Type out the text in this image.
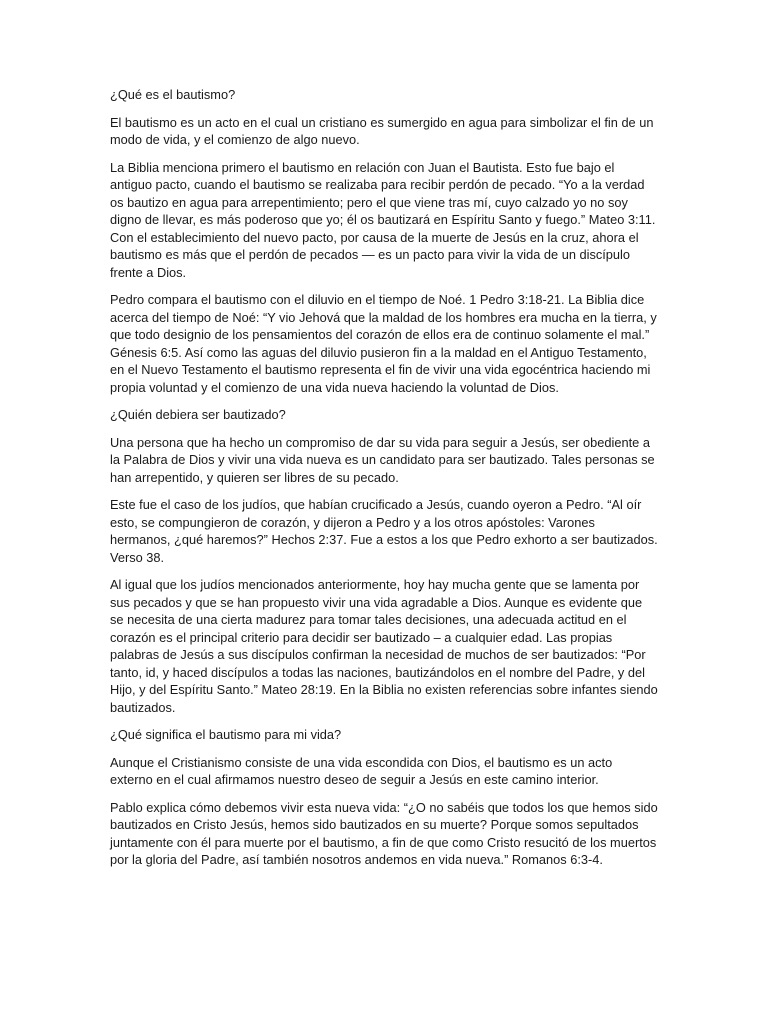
¿Qué es el bautismo?

El bautismo es un acto en el cual un cristiano es sumergido en agua para simbolizar el fin de un modo de vida, y el comienzo de algo nuevo.

La Biblia menciona primero el bautismo en relación con Juan el Bautista. Esto fue bajo el antiguo pacto, cuando el bautismo se realizaba para recibir perdón de pecado. “Yo a la verdad os bautizo en agua para arrepentimiento; pero el que viene tras mí, cuyo calzado yo no soy digno de llevar, es más poderoso que yo; él os bautizará en Espíritu Santo y fuego.” Mateo 3:11. Con el establecimiento del nuevo pacto, por causa de la muerte de Jesús en la cruz, ahora el bautismo es más que el perdón de pecados — es un pacto para vivir la vida de un discípulo frente a Dios.

Pedro compara el bautismo con el diluvio en el tiempo de Noé. 1 Pedro 3:18-21. La Biblia dice acerca del tiempo de Noé: “Y vio Jehová que la maldad de los hombres era mucha en la tierra, y que todo designio de los pensamientos del corazón de ellos era de continuo solamente el mal.” Génesis 6:5. Así como las aguas del diluvio pusieron fin a la maldad en el Antiguo Testamento, en el Nuevo Testamento el bautismo representa el fin de vivir una vida egocéntrica haciendo mi propia voluntad y el comienzo de una vida nueva haciendo la voluntad de Dios.

¿Quién debiera ser bautizado?

Una persona que ha hecho un compromiso de dar su vida para seguir a Jesús, ser obediente a la Palabra de Dios y vivir una vida nueva es un candidato para ser bautizado. Tales personas se han arrepentido, y quieren ser libres de su pecado.

Este fue el caso de los judíos, que habían crucificado a Jesús, cuando oyeron a Pedro. “Al oír esto, se compungieron de corazón, y dijeron a Pedro y a los otros apóstoles: Varones hermanos, ¿qué haremos?” Hechos 2:37. Fue a estos a los que Pedro exhorto a ser bautizados. Verso 38.

Al igual que los judíos mencionados anteriormente, hoy hay mucha gente que se lamenta por sus pecados y que se han propuesto vivir una vida agradable a Dios. Aunque es evidente que se necesita de una cierta madurez para tomar tales decisiones, una adecuada actitud en el corazón es el principal criterio para decidir ser bautizado – a cualquier edad. Las propias palabras de Jesús a sus discípulos confirman la necesidad de muchos de ser bautizados: “Por tanto, id, y haced discípulos a todas las naciones, bautizándolos en el nombre del Padre, y del Hijo, y del Espíritu Santo.” Mateo 28:19. En la Biblia no existen referencias sobre infantes siendo bautizados.

¿Qué significa el bautismo para mi vida?

Aunque el Cristianismo consiste de una vida escondida con Dios, el bautismo es un acto externo en el cual afirmamos nuestro deseo de seguir a Jesús en este camino interior.

Pablo explica cómo debemos vivir esta nueva vida: “¿O no sabéis que todos los que hemos sido bautizados en Cristo Jesús, hemos sido bautizados en su muerte? Porque somos sepultados juntamente con él para muerte por el bautismo, a fin de que como Cristo resucitó de los muertos por la gloria del Padre, así también nosotros andemos en vida nueva.” Romanos 6:3-4.
